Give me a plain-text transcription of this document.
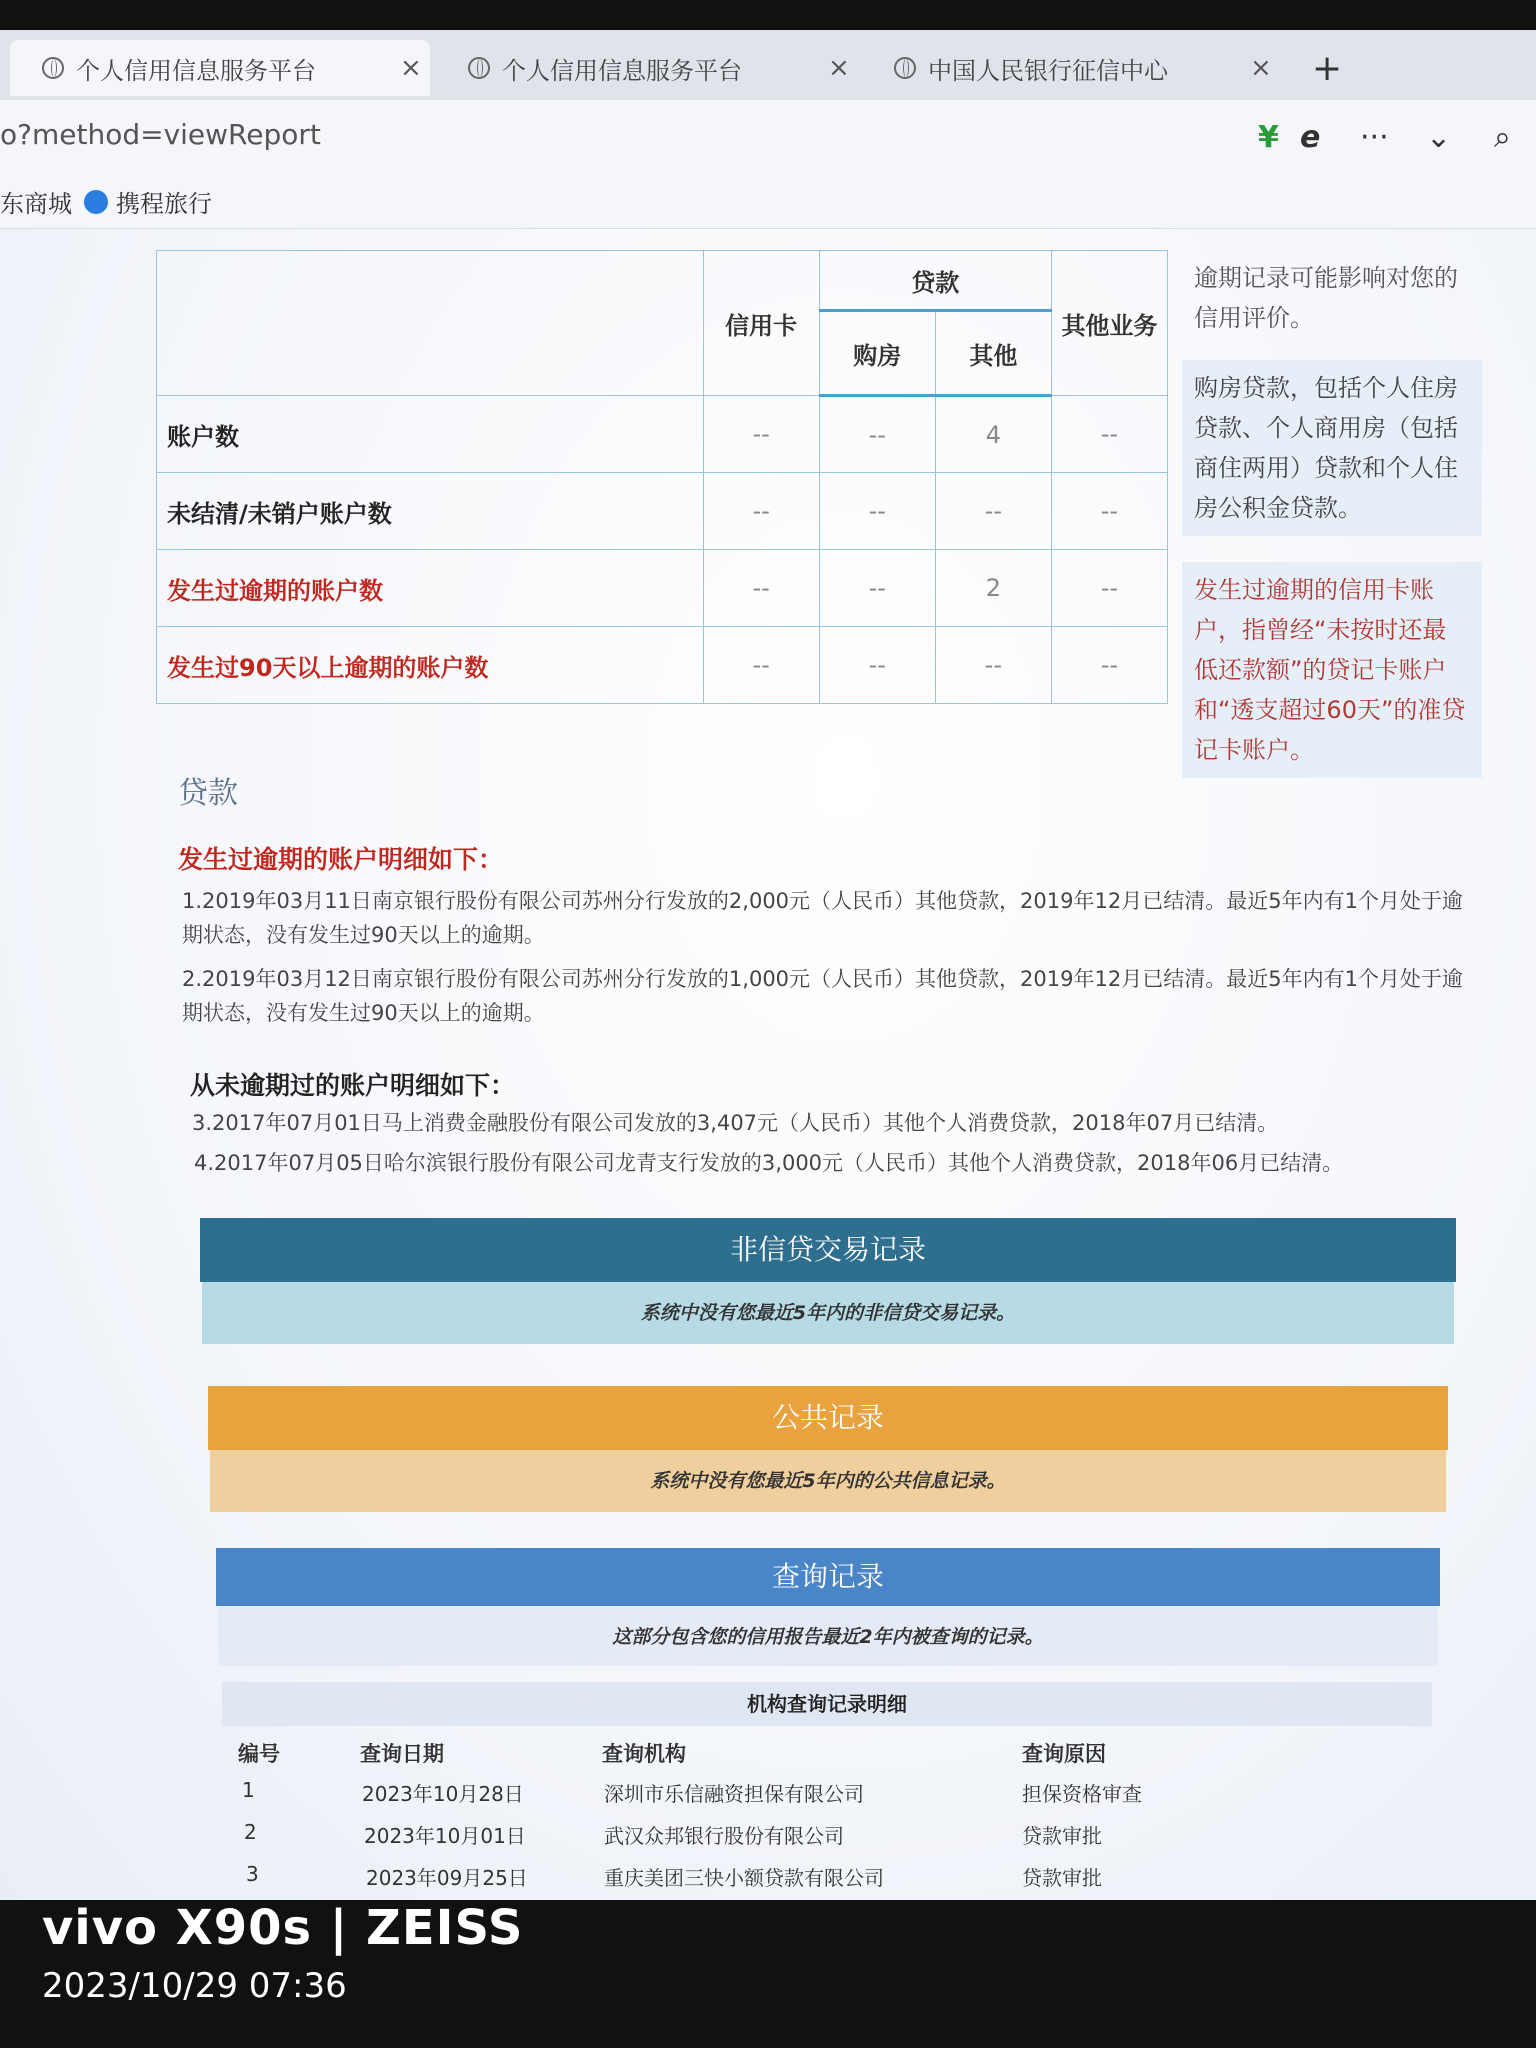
个人信用信息服务平台	×	个人信用信息服务平台	×	中国人民银行征信中心	× +
o?method=viewReport	¥ e ··· ⌄ ⌕
东商城 携程旅行
	信用卡	贷款		其他业务
		购房	其他	
账户数	--	--	4	--
未结清/未销户账户数	--	--	--	--
发生过逾期的账户数	--	--	2	--
发生过90天以上逾期的账户数	--	--	--	--
逾期记录可能影响对您的信用评价。
购房贷款，包括个人住房贷款、个人商用房（包括商住两用）贷款和个人住房公积金贷款。
发生过逾期的信用卡账户，指曾经“未按时还最低还款额”的贷记卡账户和“透支超过60天”的准贷记卡账户。
贷款
发生过逾期的账户明细如下：
1.2019年03月11日南京银行股份有限公司苏州分行发放的2,000元（人民币）其他贷款，2019年12月已结清。最近5年内有1个月处于逾期状态，没有发生过90天以上的逾期。
2.2019年03月12日南京银行股份有限公司苏州分行发放的1,000元（人民币）其他贷款，2019年12月已结清。最近5年内有1个月处于逾期状态，没有发生过90天以上的逾期。
从未逾期过的账户明细如下：
3.2017年07月01日马上消费金融股份有限公司发放的3,407元（人民币）其他个人消费贷款，2018年07月已结清。
4.2017年07月05日哈尔滨银行股份有限公司龙青支行发放的3,000元（人民币）其他个人消费贷款，2018年06月已结清。
非信贷交易记录
系统中没有您最近5年内的非信贷交易记录。
公共记录
系统中没有您最近5年内的公共信息记录。
查询记录
这部分包含您的信用报告最近2年内被查询的记录。
机构查询记录明细
编号	查询日期	查询机构	查询原因
1	2023年10月28日	深圳市乐信融资担保有限公司	担保资格审查
2	2023年10月01日	武汉众邦银行股份有限公司	贷款审批
3	2023年09月25日	重庆美团三快小额贷款有限公司	贷款审批
vivo X90s | ZEISS
2023/10/29 07:36
